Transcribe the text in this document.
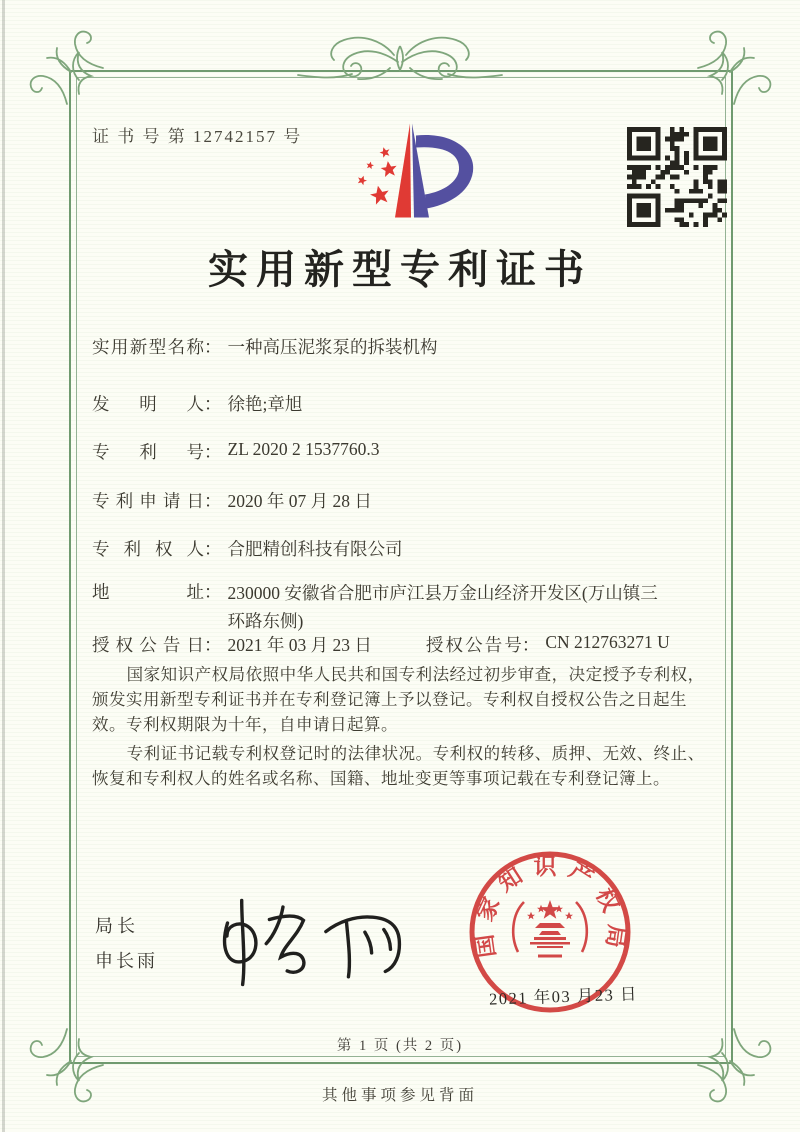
证 书 号 第 12742157 号
实用新型专利证书
实用新型名称： 一种高压泥浆泵的拆装机构
发明人： 徐艳;章旭
专利号： ZL 2020 2 1537760.3
专利申请日： 2020 年 07 月 28 日
专利权人： 合肥精创科技有限公司
地址： 230000 安徽省合肥市庐江县万金山经济开发区(万山镇三环路东侧)
授权公告日： 2021 年 03 月 23 日	授权公告号： CN 212763271 U

国家知识产权局依照中华人民共和国专利法经过初步审查，决定授予专利权，颁发实用新型专利证书并在专利登记簿上予以登记。专利权自授权公告之日起生效。专利权期限为十年，自申请日起算。

专利证书记载专利权登记时的法律状况。专利权的转移、质押、无效、终止、恢复和专利权人的姓名或名称、国籍、地址变更等事项记载在专利登记簿上。

局长
申长雨
国家知识产权局
2021 年03 月23 日
第 1 页 (共 2 页)
其他事项参见背面
